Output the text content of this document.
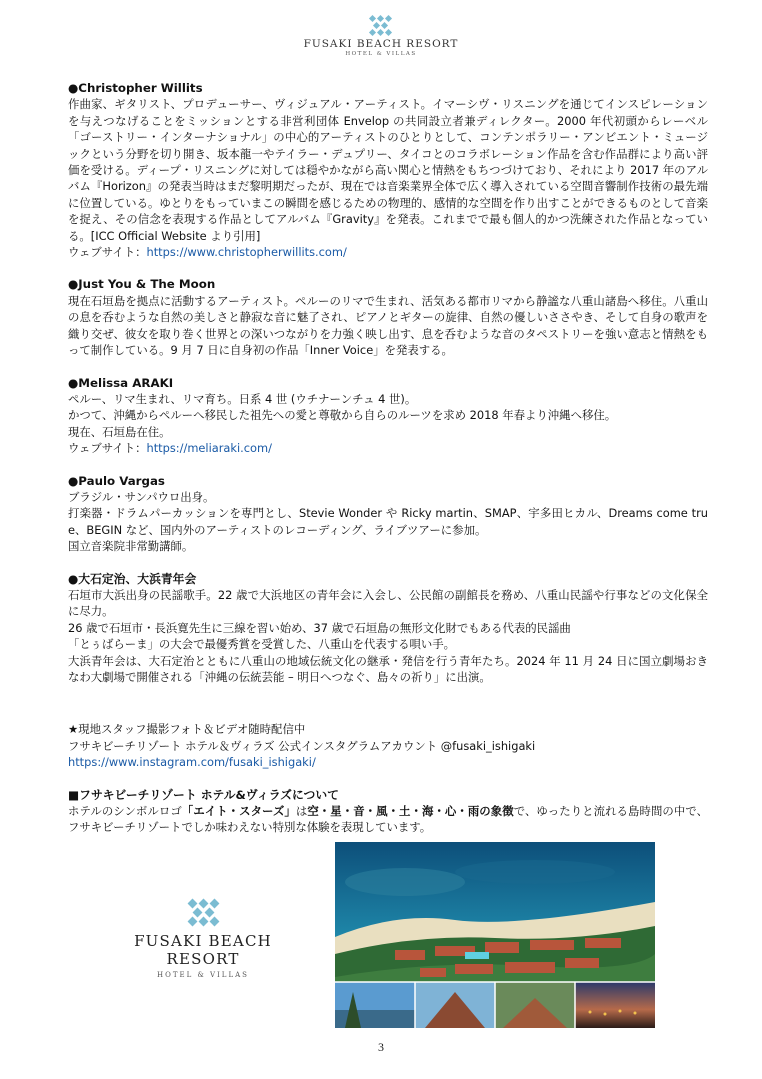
FUSAKI BEACH RESORT
HOTEL & VILLAS
●Christopher Willits

作曲家、ギタリスト、プロデューサー、ヴィジュアル・アーティスト。イマーシヴ・リスニングを通じてインスピレーションを与えつなげることをミッションとする非営利団体 Envelop の共同設立者兼ディレクター。2000 年代初頭からレーベル「ゴーストリー・インターナショナル」の中心的アーティストのひとりとして、コンテンポラリー・アンビエント・ミュージックという分野を切り開き、坂本龍一やテイラー・デュプリー、タイコとのコラボレーション作品を含む作品群により高い評価を受ける。ディープ・リスニングに対しては穏やかながら高い関心と情熱をもちつづけており、それにより 2017 年のアルバム『Horizon』の発表当時はまだ黎明期だったが、現在では音楽業界全体で広く導入されている空間音響制作技術の最先端に位置している。ゆとりをもっていまこの瞬間を感じるための物理的、感情的な空間を作り出すことができるものとして音楽を捉え、その信念を表現する作品としてアルバム『Gravity』を発表。これまでで最も個人的かつ洗練された作品となっている。[ICC Official Website より引用]

ウェブサイト：https://www.christopherwillits.com/

●Just You & The Moon

現在石垣島を拠点に活動するアーティスト。ペルーのリマで生まれ、活気ある都市リマから静謐な八重山諸島へ移住。八重山の息を呑むような自然の美しさと静寂な音に魅了され、ピアノとギターの旋律、自然の優しいささやき、そして自身の歌声を織り交ぜ、彼女を取り巻く世界との深いつながりを力強く映し出す、息を呑むような音のタペストリーを強い意志と情熱をもって制作している。9 月 7 日に自身初の作品「Inner Voice」を発表する。

●Melissa ARAKI

ペルー、リマ生まれ、リマ育ち。日系 4 世 (ウチナーンチュ 4 世)。

かつて、沖縄からペルーへ移民した祖先への愛と尊敬から自らのルーツを求め 2018 年春より沖縄へ移住。

現在、石垣島在住。

ウェブサイト：https://meliaraki.com/

●Paulo Vargas

ブラジル・サンパウロ出身。

打楽器・ドラムパーカッションを専門とし、Stevie Wonder や Ricky martin、SMAP、宇多田ヒカル、Dreams come true、BEGIN など、国内外のアーティストのレコーディング、ライブツアーに参加。

国立音楽院非常勤講師。

●大石定治、大浜青年会

石垣市大浜出身の民謡歌手。22 歳で大浜地区の青年会に入会し、公民館の副館長を務め、八重山民謡や行事などの文化保全に尽力。

26 歳で石垣市・長浜寛先生に三線を習い始め、37 歳で石垣島の無形文化財でもある代表的民謡曲

「とぅばらーま」の大会で最優秀賞を受賞した、八重山を代表する唄い手。

大浜青年会は、大石定治とともに八重山の地域伝統文化の継承・発信を行う青年たち。2024 年 11 月 24 日に国立劇場おきなわ大劇場で開催される「沖縄の伝統芸能 – 明日へつなぐ、島々の祈り」に出演。

★現地スタッフ撮影フォト＆ビデオ随時配信中

フサキビーチリゾート ホテル＆ヴィラズ 公式インスタグラムアカウント @fusaki_ishigaki

https://www.instagram.com/fusaki_ishigaki/

■フサキビーチリゾート ホテル&ヴィラズについて

ホテルのシンボルロゴ「エイト・スターズ」は空・星・音・風・土・海・心・雨の象徴で、ゆったりと流れる島時間の中で、フサキビーチリゾートでしか味わえない特別な体験を表現しています。

FUSAKI BEACH RESORT
HOTEL & VILLAS
3
